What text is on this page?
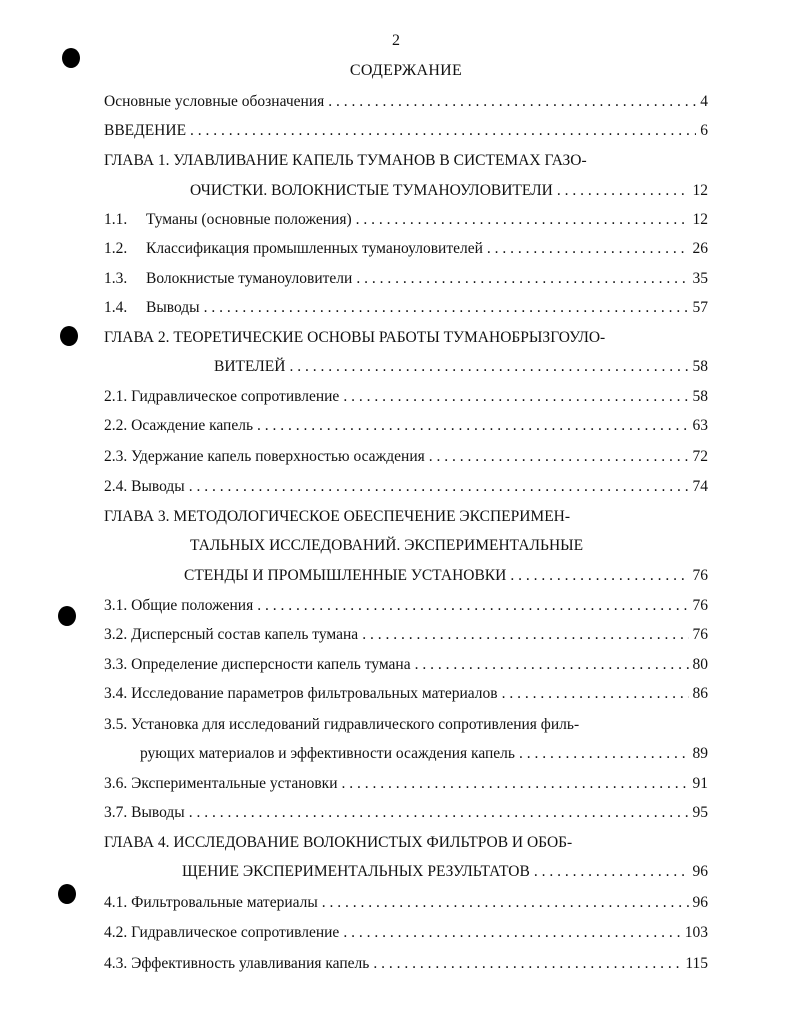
2
СОДЕРЖАНИЕ
Основные условные обозначения . . .	4
ВВЕДЕНИЕ . . .	6
ГЛАВА 1. УЛАВЛИВАНИЕ КАПЕЛЬ ТУМАНОВ В СИСТЕМАХ ГАЗО-
ОЧИСТКИ. ВОЛОКНИСТЫЕ ТУМАНОУЛОВИТЕЛИ . . .	12
1.1. Туманы (основные положения) . . .	12
1.2. Классификация промышленных туманоуловителей . . .	26
1.3. Волокнистые туманоуловители . . .	35
1.4. Выводы . . .	57
ГЛАВА 2. ТЕОРЕТИЧЕСКИЕ ОСНОВЫ РАБОТЫ ТУМАНОБРЫЗГОУЛО-
ВИТЕЛЕЙ . . .	58
2.1. Гидравлическое сопротивление . . .	58
2.2. Осаждение капель . . .	63
2.3. Удержание капель поверхностью осаждения . . .	72
2.4. Выводы . . .	74
ГЛАВА 3. МЕТОДОЛОГИЧЕСКОЕ ОБЕСПЕЧЕНИЕ ЭКСПЕРИМЕН-
ТАЛЬНЫХ ИССЛЕДОВАНИЙ. ЭКСПЕРИМЕНТАЛЬНЫЕ
СТЕНДЫ И ПРОМЫШЛЕННЫЕ УСТАНОВКИ . . .	76
3.1. Общие положения . . .	76
3.2. Дисперсный состав капель тумана . . .	76
3.3. Определение дисперсности капель тумана . . .	80
3.4. Исследование параметров фильтровальных материалов . . .	86
3.5. Установка для исследований гидравлического сопротивления филь-
рующих материалов и эффективности осаждения капель . . .	89
3.6. Экспериментальные установки . . .	91
3.7. Выводы . . .	95
ГЛАВА 4. ИССЛЕДОВАНИЕ ВОЛОКНИСТЫХ ФИЛЬТРОВ И ОБОБ-
ЩЕНИЕ ЭКСПЕРИМЕНТАЛЬНЫХ РЕЗУЛЬТАТОВ . . .	96
4.1. Фильтровальные материалы . . .	96
4.2. Гидравлическое сопротивление . . .	103
4.3. Эффективность улавливания капель . . .	115
